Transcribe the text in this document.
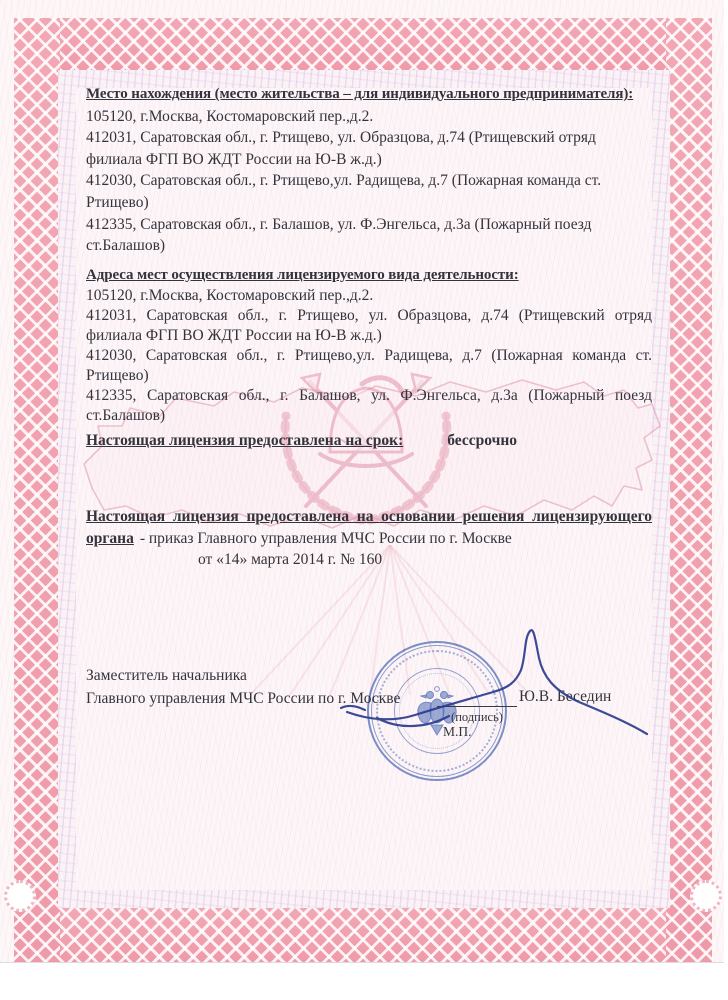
Место нахождения (место жительства – для индивидуального предпринимателя):

105120, г.Москва, Костомаровский пер.,д.2.

412031, Саратовская обл., г. Ртищево, ул. Образцова, д.74 (Ртищевский отряд филиала ФГП ВО ЖДТ России на Ю-В ж.д.)

412030, Саратовская обл., г. Ртищево,ул. Радищева, д.7 (Пожарная команда ст. Ртищево)

412335, Саратовская обл., г. Балашов, ул. Ф.Энгельса, д.3а (Пожарный поезд ст.Балашов)

Адреса мест осуществления лицензируемого вида деятельности:

105120, г.Москва, Костомаровский пер.,д.2.

412031, Саратовская обл., г. Ртищево, ул. Образцова, д.74 (Ртищевский отряд филиала ФГП ВО ЖДТ России на Ю-В ж.д.)

412030, Саратовская обл., г. Ртищево,ул. Радищева, д.7 (Пожарная команда ст. Ртищево)

412335, Саратовская обл., г. Балашов, ул. Ф.Энгельса, д.3а (Пожарный поезд ст.Балашов)

Настоящая лицензия предоставлена на срок:	бессрочно

Настоящая лицензия предоставлена на основании решения лицензирующего органа - приказ Главного управления МЧС России по г. Москве

от «14» марта 2014 г. № 160

Заместитель начальника
Главного управления МЧС России по г. Москве
(подпись)
М.П.
Ю.В. Беседин
